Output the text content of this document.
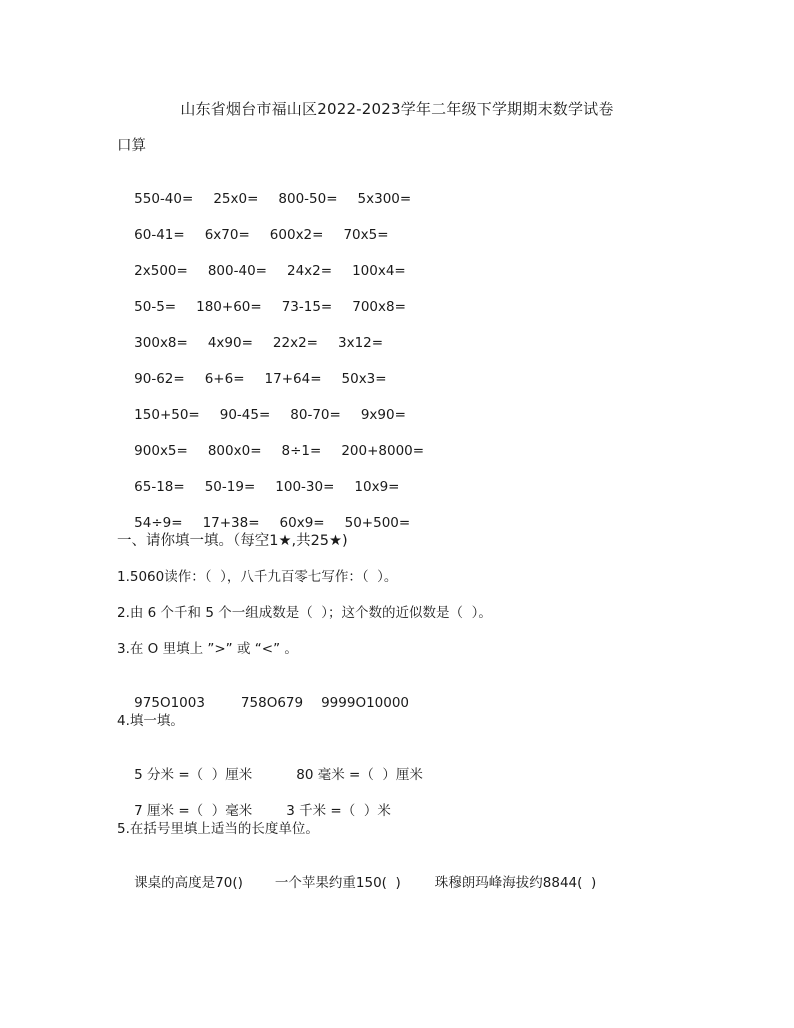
山东省烟台市福山区2022-2023学年二年级下学期期末数学试卷
口算

550-40= 25x0= 800-50= 5x300=

60-41= 6x70= 600x2= 70x5=

2x500= 800-40= 24x2= 100x4=

50-5= 180+60= 73-15= 700x8=

300x8= 4x90= 22x2= 3x12=

90-62= 6+6= 17+64= 50x3=

150+50= 90-45= 80-70= 9x90=

900x5= 800x0= 8÷1= 200+8000=

65-18= 50-19= 100-30= 10x9=

54÷9= 17+38= 60x9= 50+500=

一、请你填一填。（每空1★,共25★)
1.5060读作：（  ），八千九百零七写作：（  ）。
2.由 6 个千和 5 个一组成数是（  ）；这个数的近似数是（  ）。
3.在 O 里填上 ”>” 或 “<” 。

975O1003	758O679 9999O10000

4.填一填。

5 分米 =（  ）厘米	80 毫米 =（  ）厘米

7 厘米 =（  ）毫米	3 千米 =（  ）米

5.在括号里填上适当的长度单位。

课桌的高度是70() 一个苹果约重150(  )	珠穆朗玛峰海拔约8844(  )
